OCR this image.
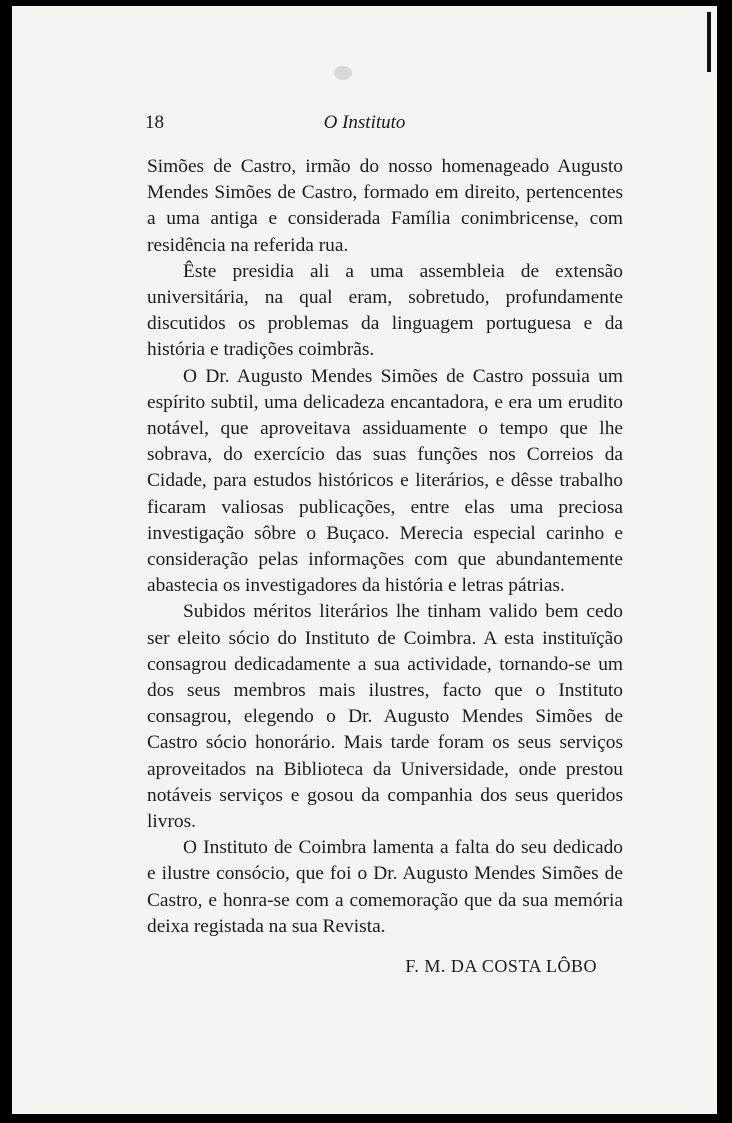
18	O Instituto

Simões de Castro, irmão do nosso homenageado Augusto Mendes Simões de Castro, formado em direito, pertencentes a uma antiga e considerada Família conimbricense, com residência na referida rua.

Êste presidia ali a uma assembleia de extensão universitária, na qual eram, sobretudo, profundamente discutidos os problemas da linguagem portuguesa e da história e tradições coimbrãs.

O Dr. Augusto Mendes Simões de Castro possuia um espírito subtil, uma delicadeza encantadora, e era um erudito notável, que aproveitava assiduamente o tempo que lhe sobrava, do exercício das suas funções nos Correios da Cidade, para estudos históricos e literários, e dêsse trabalho ficaram valiosas publicações, entre elas uma preciosa investigação sôbre o Buçaco. Merecia especial carinho e consideração pelas informações com que abundantemente abastecia os investigadores da história e letras pátrias.

Subidos méritos literários lhe tinham valido bem cedo ser eleito sócio do Instituto de Coimbra. A esta instituïção consagrou dedicadamente a sua actividade, tornando-se um dos seus membros mais ilustres, facto que o Instituto consagrou, elegendo o Dr. Augusto Mendes Simões de Castro sócio honorário. Mais tarde foram os seus serviços aproveitados na Biblioteca da Universidade, onde prestou notáveis serviços e gosou da companhia dos seus queridos livros.

O Instituto de Coimbra lamenta a falta do seu dedicado e ilustre consócio, que foi o Dr. Augusto Mendes Simões de Castro, e honra-se com a comemoração que da sua memória deixa registada na sua Revista.

F. M. DA COSTA LÔBO
